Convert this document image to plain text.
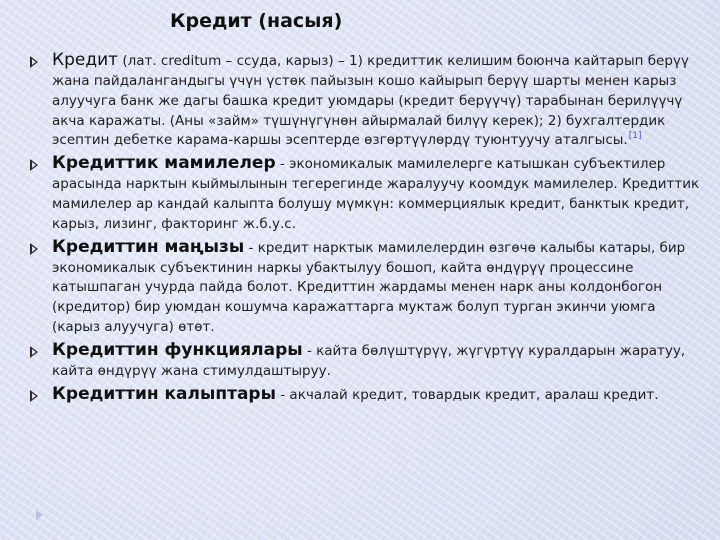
Кредит (насыя)
Кредит (лат. creditum – ссуда, карыз) – 1) кредиттик келишим боюнча кайтарып берүү жана пайдалангандыгы үчүн үстөк пайызын кошо кайырып берүү шарты менен карыз алуучуга банк же дагы башка кредит уюмдары (кредит берүүчү) тарабынан берилүүчү акча каражаты. (Аны «займ» түшүнүгүнөн айырмалай билүү керек); 2) бухгалтердик эсептин дебетке карама-каршы эсептерде өзгөртүүлөрдү туюнтуучу аталгысы.[1]
Кредиттик мамилелер - экономикалык мамилелерге катышкан субъектилер арасында нарктын кыймылынын тегерегинде жаралуучу коомдук мамилелер. Кредиттик мамилелер ар кандай калыпта болушу мүмкүн: коммерциялык кредит, банктык кредит, карыз, лизинг, факторинг ж.б.у.с.
Кредиттин маңызы - кредит нарктык мамилелердин өзгөчө калыбы катары, бир экономикалык субъектинин наркы убактылуу бошоп, кайта өндүрүү процессине катышпаган учурда пайда болот. Кредиттин жардамы менен нарк аны колдонбогон (кредитор) бир уюмдан кошумча каражаттарга муктаж болуп турган экинчи уюмга (карыз алуучуга) өтөт.
Кредиттин функциялары - кайта бөлүштүрүү, жүгүртүү куралдарын жаратуу, кайта өндүрүү жана стимулдаштыруу.
Кредиттин калыптары - акчалай кредит, товардык кредит, аралаш кредит.
